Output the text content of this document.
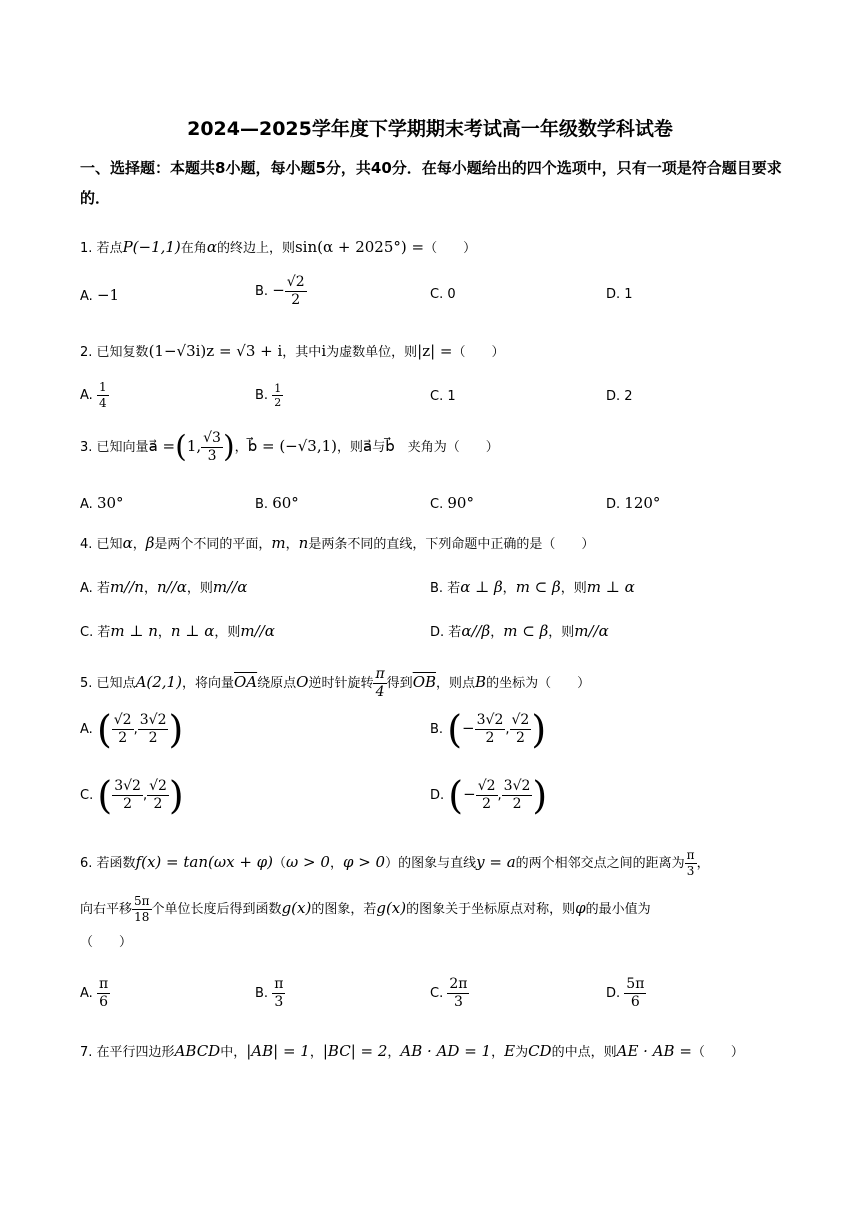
2024—2025学年度下学期期末考试高一年级数学科试卷
一、选择题：本题共8小题，每小题5分，共40分．在每小题给出的四个选项中，只有一项是符合题目要求的．
1. 若点P(−1,1)在角α的终边上，则sin(α + 2025°) =（　　）
A. −1	B. − $\frac{√2}{2}$	C. 0	D. 1
2. 已知复数(1−√3i)z = √3 + i，其中i为虚数单位，则|z| =（　　）
A. $\frac{1}{4}$	B. $\frac{1}{2}$	C. 1	D. 2
3. 已知向量a⃗ =(1, $\frac{√3}{3}$ )，b⃗ = (−√3,1)，则a⃗与b⃗　 夹角为（　　）
A. 30°	B. 60°	C. 90°	D. 120°
4. 已知α，β是两个不同的平面，m，n是两条不同的直线，下列命题中正确的是（　　）
A. 若m//n，n//α，则m//α	B. 若α ⊥ β，m ⊂ β，则m ⊥ α
C. 若m ⊥ n，n ⊥ α，则m//α	D. 若α//β，m ⊂ β，则m//α
5. 已知点A(2,1)，将向量$\overline{OA}$绕原点O逆时针旋转 $\frac{\pi}{4}$ 得到$\overline{OB}$，则点B的坐标为（　　）
A. ( $\frac{√2}{2}$ , $\frac{3√2}{2}$ )	B. (− $\frac{3√2}{2}$ , $\frac{√2}{2}$ )
C. ( $\frac{3√2}{2}$ , $\frac{√2}{2}$ )	D. (− $\frac{√2}{2}$ , $\frac{3√2}{2}$ )
6. 若函数f(x) = tan(ωx + φ)（ω > 0，φ > 0）的图象与直线y = a的两个相邻交点之间的距离为 $\frac{\pi}{3}$ ，
向右平移 $\frac{5\pi}{18}$ 个单位长度后得到函数g(x)的图象，若g(x)的图象关于坐标原点对称，则φ的最小值为
（　　）
A. $\frac{\pi}{6}$	B. $\frac{\pi}{3}$	C. $\frac{2\pi}{3}$	D. $\frac{5\pi}{6}$
7. 在平行四边形ABCD中，|AB| = 1，|BC| = 2，AB · AD = 1，E为CD的中点，则AE · AB =（　　）
